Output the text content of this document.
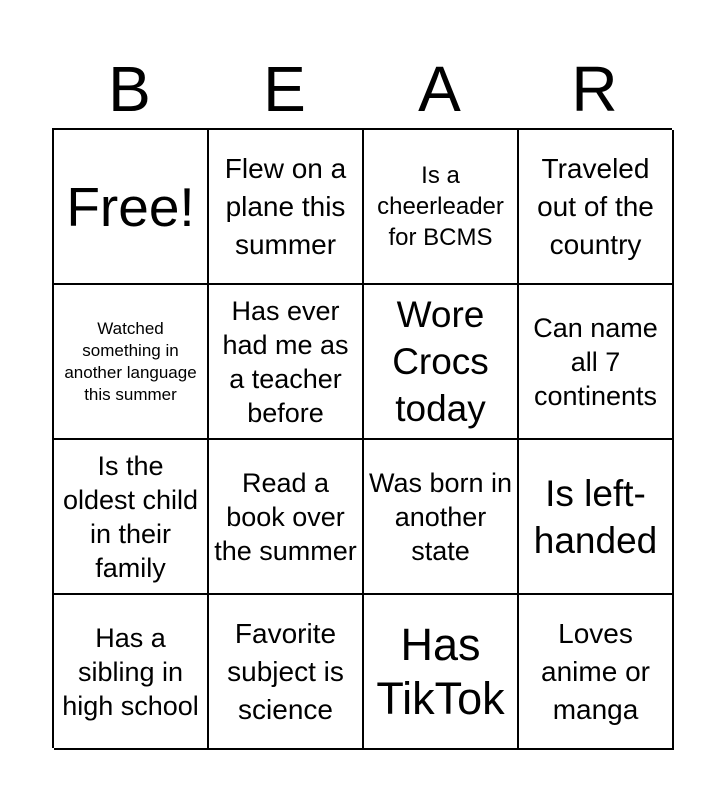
B	E	A	R
Free!
Flew on a plane this summer
Is a cheerleader for BCMS
Traveled out of the country
Watched something in another language this summer
Has ever had me as a teacher before
Wore Crocs today
Can name all 7 continents
Is the oldest child in their family
Read a book over the summer
Was born in another state
Is left-handed
Has a sibling in high school
Favorite subject is science
Has TikTok
Loves anime or manga
